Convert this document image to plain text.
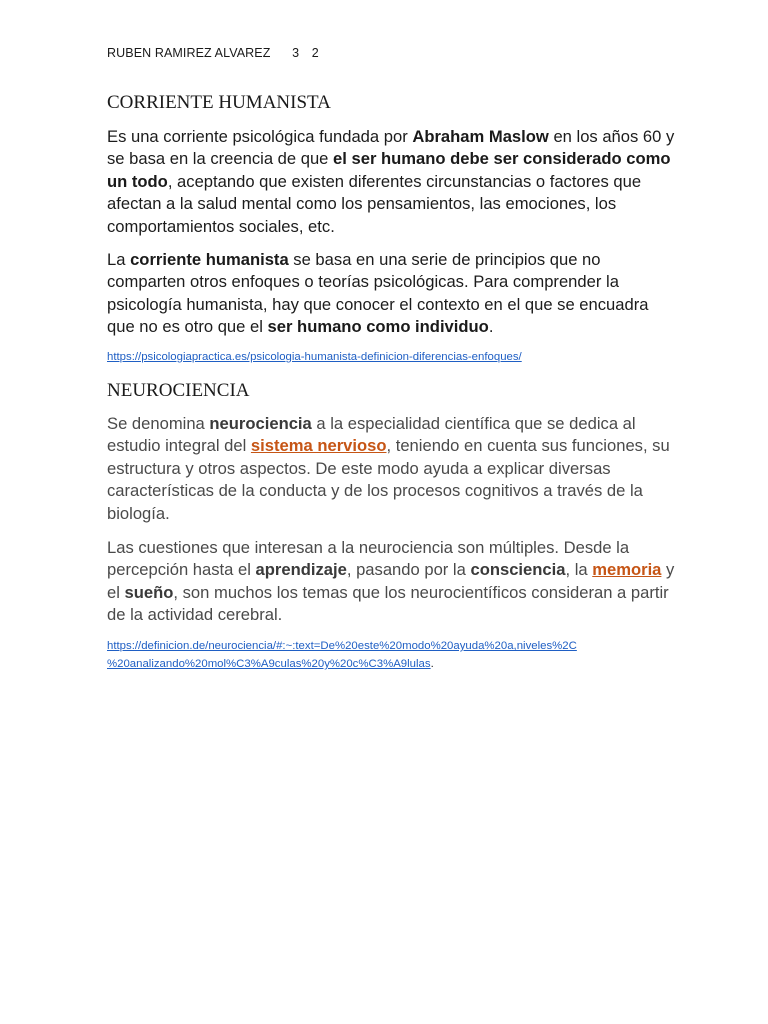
RUBEN RAMIREZ ALVAREZ 3 2
CORRIENTE HUMANISTA

Es una corriente psicológica fundada por Abraham Maslow en los años 60 y se basa en la creencia de que el ser humano debe ser considerado como un todo, aceptando que existen diferentes circunstancias o factores que afectan a la salud mental como los pensamientos, las emociones, los comportamientos sociales, etc.

La corriente humanista se basa en una serie de principios que no comparten otros enfoques o teorías psicológicas. Para comprender la psicología humanista, hay que conocer el contexto en el que se encuadra que no es otro que el ser humano como individuo.

https://psicologiapractica.es/psicologia-humanista-definicion-diferencias-enfoques/
NEUROCIENCIA

Se denomina neurociencia a la especialidad científica que se dedica al estudio integral del sistema nervioso, teniendo en cuenta sus funciones, su estructura y otros aspectos. De este modo ayuda a explicar diversas características de la conducta y de los procesos cognitivos a través de la biología.

Las cuestiones que interesan a la neurociencia son múltiples. Desde la percepción hasta el aprendizaje, pasando por la consciencia, la memoria y el sueño, son muchos los temas que los neurocientíficos consideran a partir de la actividad cerebral.

https://definicion.de/neurociencia/#:~:text=De%20este%20modo%20ayuda%20a,niveles%2C
%20analizando%20mol%C3%A9culas%20y%20c%C3%A9lulas.
